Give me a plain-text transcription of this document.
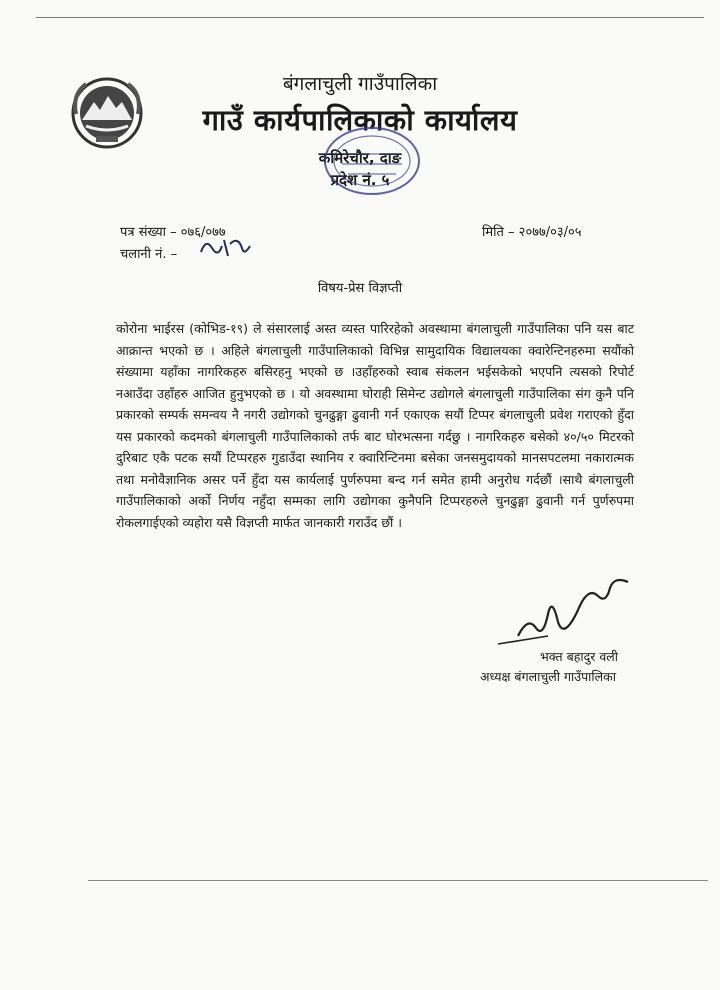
बंगलाचुली गाउँपालिका
गाउँ कार्यपालिकाको कार्यालय
कमिरेचौर, दाङ
प्रदेश नं. ५
पत्र संख्या – ०७६/०७७
चलानी नं. –
मिति – २०७७/०३/०५
विषय-प्रेस विज्ञप्ती
कोरोना भाईरस (कोभिड-१९) ले संसारलाई अस्त व्यस्त पारिरहेको अवस्थामा बंगलाचुली गाउँपालिका पनि यस बाट आक्रान्त भएको छ । अहिले बंगलाचुली गाउँपालिकाको विभिन्न सामुदायिक विद्यालयका क्वारेन्टिनहरुमा सयौंको संख्यामा यहाँका नागरिकहरु बसिरहनु भएको छ ।उहाँहरुको स्वाब संकलन भईसकेको भएपनि त्यसको रिपोर्ट नआउँदा उहाँहरु आजित हुनुभएको छ । यो अवस्थामा घोराही सिमेन्ट उद्योगले बंगलाचुली गाउँपालिका संग कुनै पनि प्रकारको सम्पर्क समन्वय नै नगरी उद्योगको चुनढुङ्गा ढुवानी गर्न एकाएक सयौं टिप्पर बंगलाचुली प्रवेश गराएको हुँदा यस प्रकारको कदमको बंगलाचुली गाउँपालिकाको तर्फ बाट घोरभत्सना गर्दछु । नागरिकहरु बसेको ४०/५० मिटरको दुरिबाट एकै पटक सयौं टिप्परहरु गुडाउँदा स्थानिय र क्वारिन्टिनमा बसेका जनसमुदायको मानसपटलमा नकारात्मक तथा मनोवैज्ञानिक असर पर्ने हुँदा यस कार्यलाई पुर्णरुपमा बन्द गर्न समेत हामी अनुरोध गर्दछौं ।साथै बंगलाचुली गाउँपालिकाको अर्को निर्णय नहुँदा सम्मका लागि उद्योगका कुनैपनि टिप्परहरुले चुनढुङ्गा ढुवानी गर्न पुर्णरुपमा रोकलगाईएको व्यहोरा यसै विज्ञप्ती मार्फत जानकारी गराउँद छौं ।
भक्त बहादुर वली
अध्यक्ष बंगलाचुली गाउँपालिका
